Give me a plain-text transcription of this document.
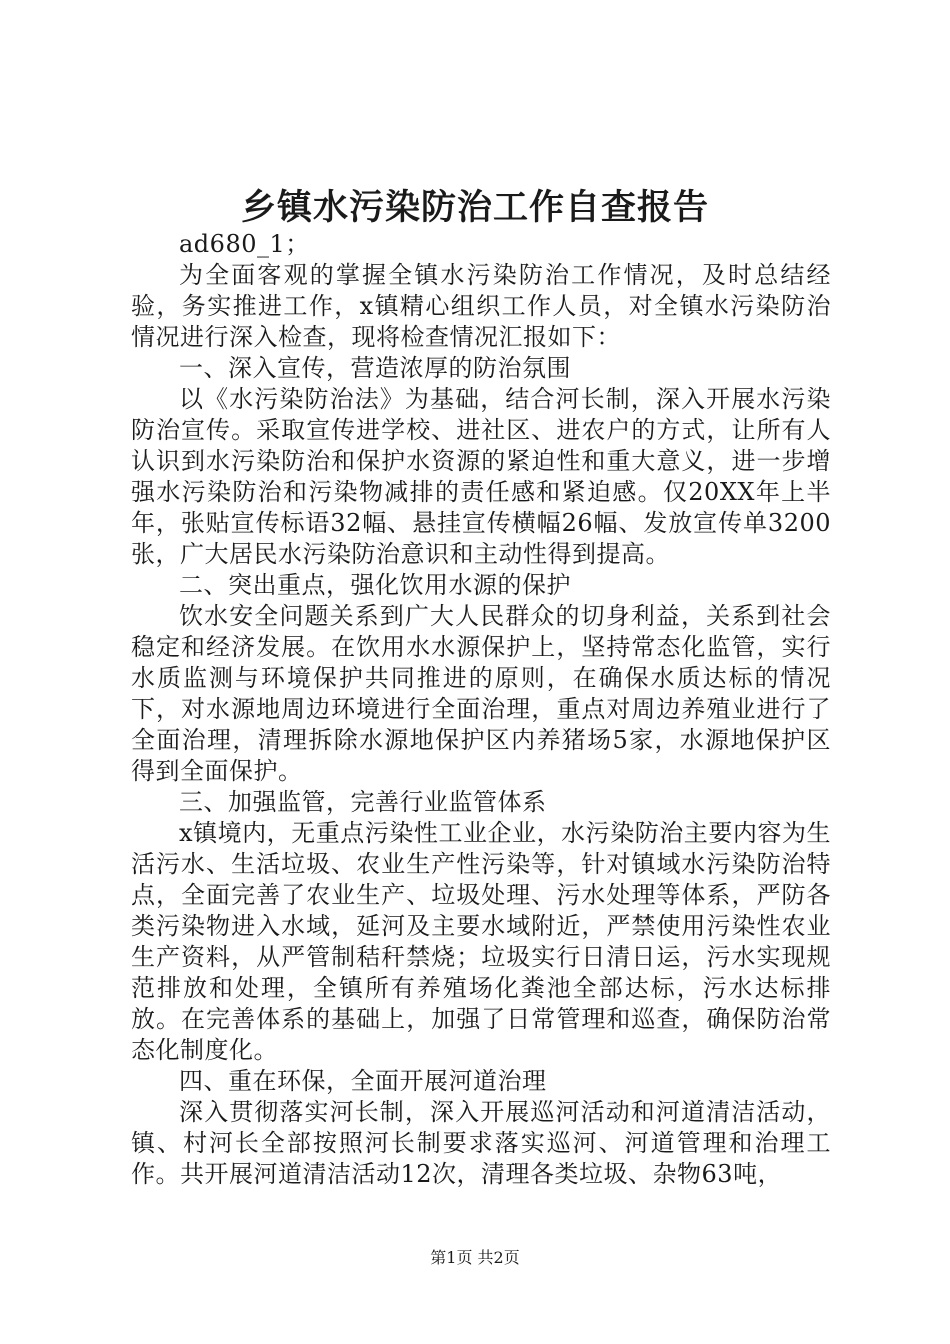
乡镇水污染防治工作自查报告

ad680_1；

为全面客观的掌握全镇水污染防治工作情况，及时总结经验，务实推进工作，x镇精心组织工作人员，对全镇水污染防治情况进行深入检查，现将检查情况汇报如下：

一、深入宣传，营造浓厚的防治氛围

以《水污染防治法》为基础，结合河长制，深入开展水污染防治宣传。采取宣传进学校、进社区、进农户的方式，让所有人认识到水污染防治和保护水资源的紧迫性和重大意义，进一步增强水污染防治和污染物减排的责任感和紧迫感。仅20XX年上半年，张贴宣传标语32幅、悬挂宣传横幅26幅、发放宣传单3200张，广大居民水污染防治意识和主动性得到提高。

二、突出重点，强化饮用水源的保护

饮水安全问题关系到广大人民群众的切身利益，关系到社会稳定和经济发展。在饮用水水源保护上，坚持常态化监管，实行水质监测与环境保护共同推进的原则，在确保水质达标的情况下，对水源地周边环境进行全面治理，重点对周边养殖业进行了全面治理，清理拆除水源地保护区内养猪场5家，水源地保护区得到全面保护。

三、加强监管，完善行业监管体系

x镇境内，无重点污染性工业企业，水污染防治主要内容为生活污水、生活垃圾、农业生产性污染等，针对镇域水污染防治特点，全面完善了农业生产、垃圾处理、污水处理等体系，严防各类污染物进入水域，延河及主要水域附近，严禁使用污染性农业生产资料，从严管制秸秆禁烧；垃圾实行日清日运，污水实现规范排放和处理，全镇所有养殖场化粪池全部达标，污水达标排放。在完善体系的基础上，加强了日常管理和巡查，确保防治常态化制度化。

四、重在环保，全面开展河道治理

深入贯彻落实河长制，深入开展巡河活动和河道清洁活动，镇、村河长全部按照河长制要求落实巡河、河道管理和治理工作。共开展河道清洁活动12次，清理各类垃圾、杂物63吨，

第1页 共2页
